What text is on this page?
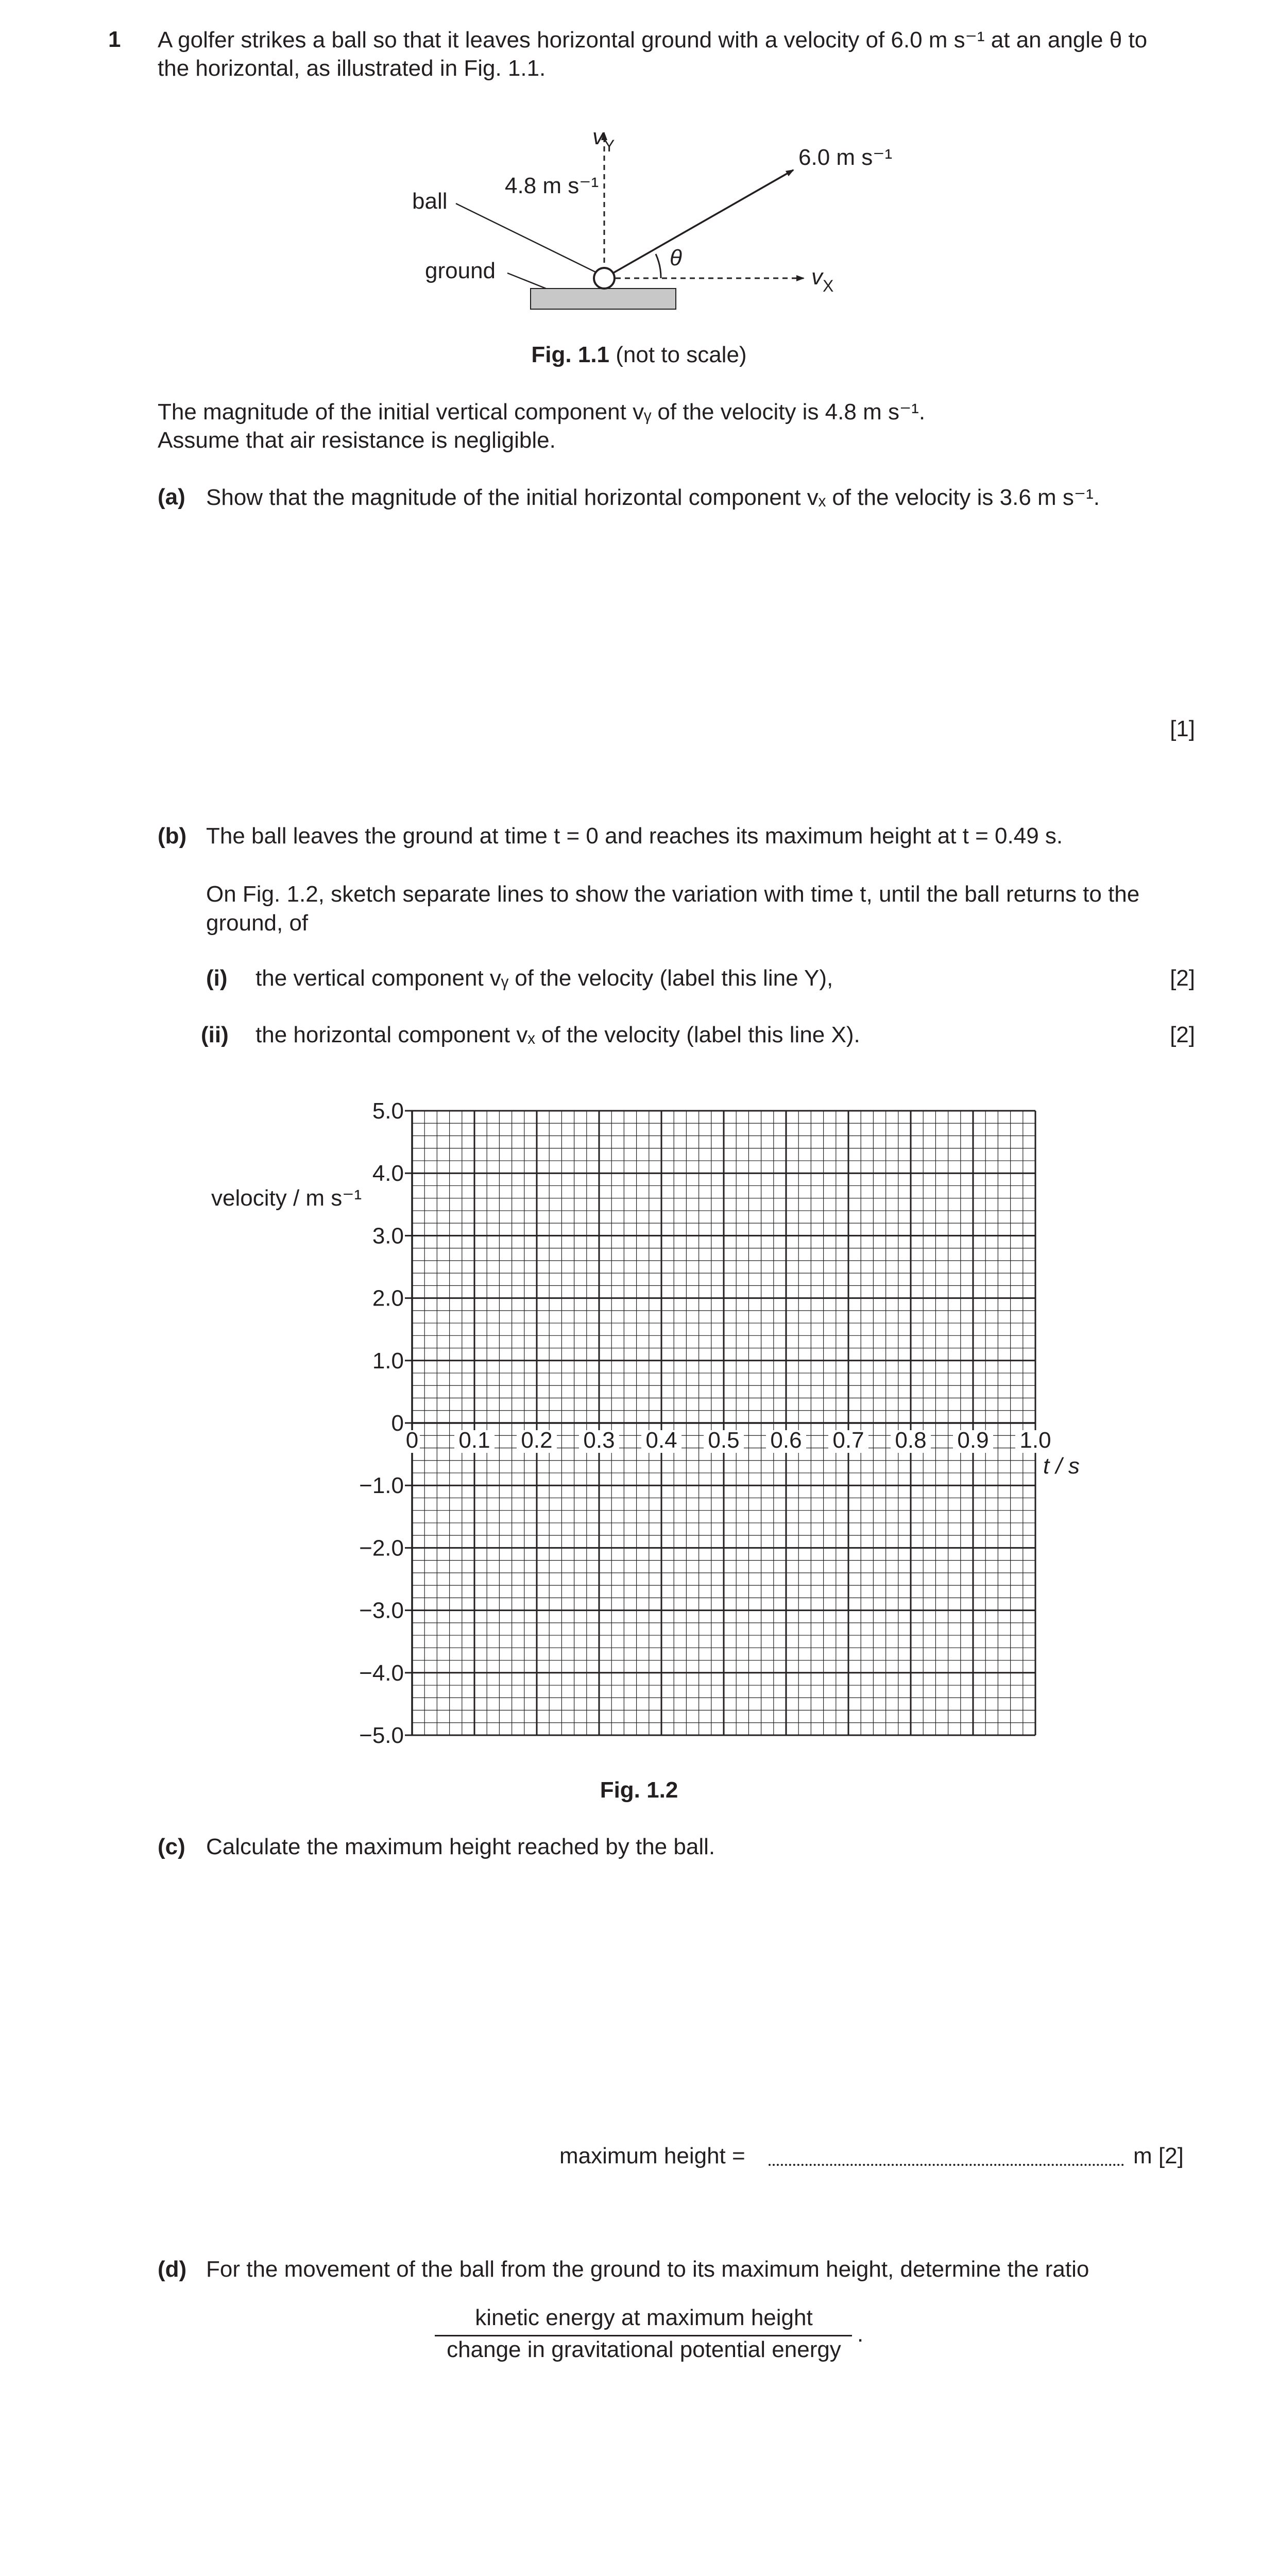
1 A golfer strikes a ball so that it leaves horizontal ground with a velocity of 6.0 m s⁻¹ at an angle θ to
the horizontal, as illustrated in Fig. 1.1.
ball
ground
4.8 m s⁻¹
6.0 m s⁻¹
θ
$v_Y$
$v_X$
Fig. 1.1 (not to scale)
The magnitude of the initial vertical component vᵧ of the velocity is 4.8 m s⁻¹.
Assume that air resistance is negligible.
(a) Show that the magnitude of the initial horizontal component vₓ of the velocity is 3.6 m s⁻¹.
[1]
(b) The ball leaves the ground at time t = 0 and reaches its maximum height at t = 0.49 s.
On Fig. 1.2, sketch separate lines to show the variation with time t, until the ball returns to the ground, of
(i) the vertical component vᵧ of the velocity (label this line Y),	[2]
(ii) the horizontal component vₓ of the velocity (label this line X).	[2]
5.0
4.0
3.0
2.0
1.0
0
−1.0
−2.0
−3.0
−4.0
−5.0
0 0.1 0.2 0.3 0.4 0.5 0.6 0.7 0.8 0.9 1.0
velocity / m s⁻¹
t / s
Fig. 1.2
(c) Calculate the maximum height reached by the ball.
maximum height =	m [2]
(d) For the movement of the ball from the ground to its maximum height, determine the ratio
kinetic energy at maximum height
change in gravitational potential energy
.
